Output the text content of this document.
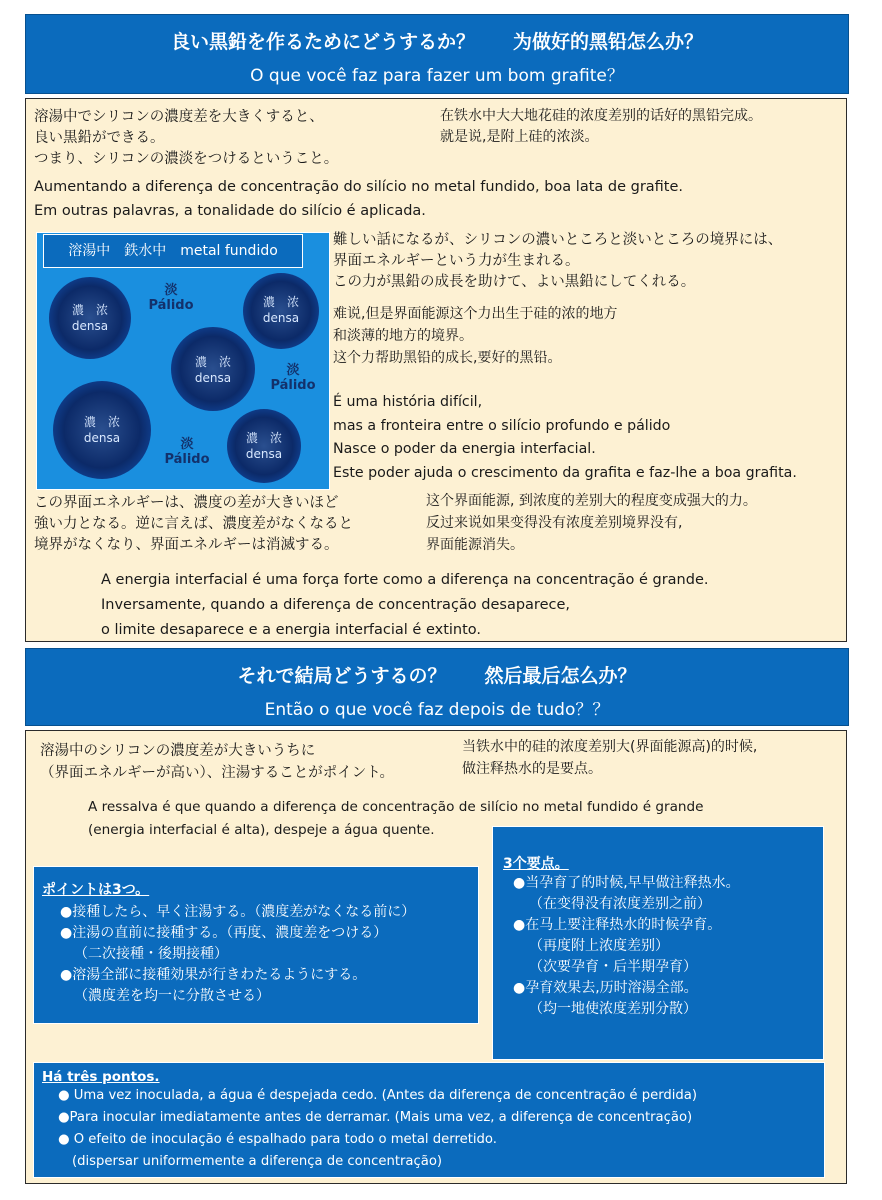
良い黒鉛を作るためにどうするか？　　为做好的黑铅怎么办？
O que você faz para fazer um bom grafite？
溶湯中でシリコンの濃度差を大きくすると、
良い黒鉛ができる。
つまり、シリコンの濃淡をつけるということ。
在铁水中大大地花硅的浓度差别的话好的黑铅完成。
就是说,是附上硅的浓淡。
Aumentando a diferença de concentração do silício no metal fundido, boa lata de grafite.
Em outras palavras, a tonalidade do silício é aplicada.
溶湯中　鉄水中　metal fundido
濃　浓
densa
濃　浓
densa
濃　浓
densa
濃　浓
densa	濃　浓
densa
淡
Pálido
淡
Pálido
淡
Pálido
難しい話になるが、シリコンの濃いところと淡いところの境界には、
界面エネルギーという力が生まれる。
この力が黒鉛の成長を助けて、よい黒鉛にしてくれる。
难说,但是界面能源这个力出生于硅的浓的地方
和淡薄的地方的境界。
这个力帮助黑铅的成长,要好的黑铅。
É uma história difícil,
mas a fronteira entre o silício profundo e pálido
Nasce o poder da energia interfacial.
Este poder ajuda o crescimento da grafita e faz-lhe a boa grafita.
この界面エネルギーは、濃度の差が大きいほど
強い力となる。逆に言えば、濃度差がなくなると
境界がなくなり、界面エネルギーは消滅する。
这个界面能源, 到浓度的差别大的程度变成强大的力。
反过来说如果变得没有浓度差别境界没有,
界面能源消失。
A energia interfacial é uma força forte como a diferença na concentração é grande.
Inversamente, quando a diferença de concentração desaparece,
o limite desaparece e a energia interfacial é extinto.
それで結局どうするの？　　然后最后怎么办？
Então o que você faz depois de tudo？？
溶湯中のシリコンの濃度差が大きいうちに
（界面エネルギーが高い）、注湯することがポイント。
当铁水中的硅的浓度差别大(界面能源高)的时候,
做注释热水的是要点。
A ressalva é que quando a diferença de concentração de silício no metal fundido é grande
(energia interfacial é alta), despeje a água quente.
ポイントは3つ。
●接種したら、早く注湯する。（濃度差がなくなる前に）
●注湯の直前に接種する。（再度、濃度差をつける）
（二次接種・後期接種）
●溶湯全部に接種効果が行きわたるようにする。
（濃度差を均一に分散させる）
3个要点。
●当孕育了的时候,早早做注释热水。
（在变得没有浓度差别之前）
●在马上要注释热水的时候孕育。
（再度附上浓度差别）
（次要孕育・后半期孕育）
●孕育效果去,历时溶湯全部。
（均一地使浓度差别分散）
Há três pontos.
● Uma vez inoculada, a água é despejada cedo. (Antes da diferença de concentração é perdida)
●Para inocular imediatamente antes de derramar. (Mais uma vez, a diferença de concentração)
● O efeito de inoculação é espalhado para todo o metal derretido.
(dispersar uniformemente a diferença de concentração)
